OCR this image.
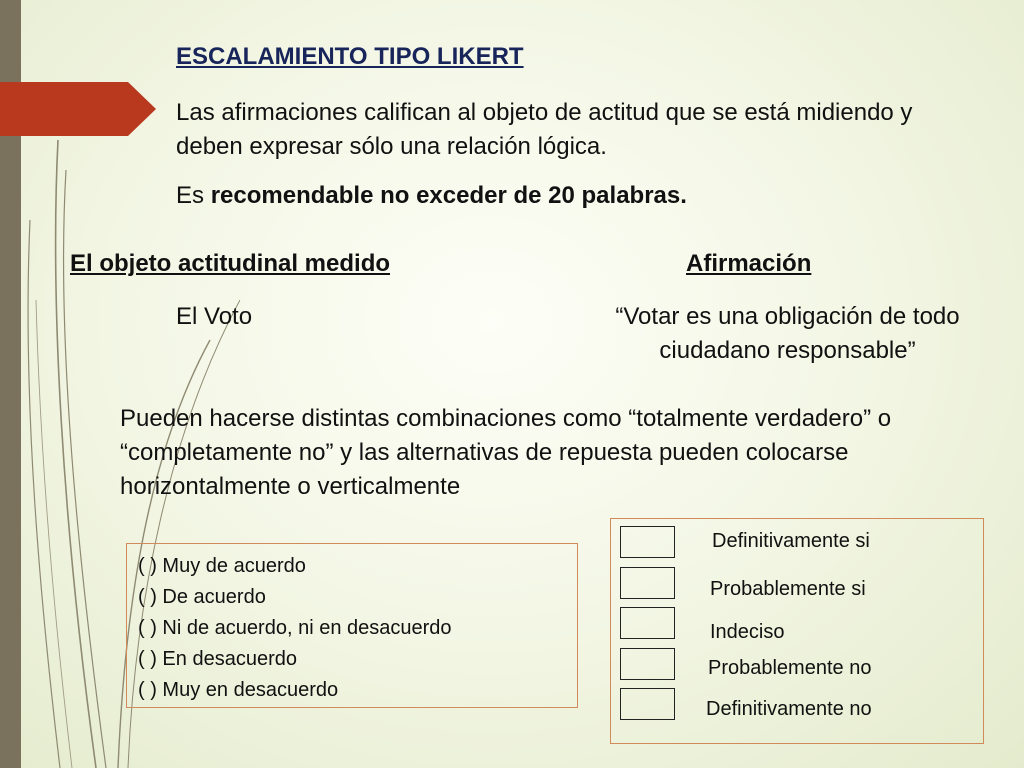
ESCALAMIENTO TIPO LIKERT
Las afirmaciones califican al objeto de actitud que se está midiendo y deben expresar sólo una relación lógica.
Es recomendable no exceder de 20 palabras.
El objeto actitudinal medido	Afirmación
El Voto	“Votar es una obligación de todo ciudadano responsable”
Pueden hacerse distintas combinaciones como “totalmente verdadero” o “completamente no” y las alternativas de repuesta pueden colocarse horizontalmente o verticalmente
( ) Muy de acuerdo
( ) De acuerdo
( ) Ni de acuerdo, ni en desacuerdo
( ) En desacuerdo
( ) Muy en desacuerdo
Definitivamente si
Probablemente si
Indeciso
Probablemente no
Definitivamente no
